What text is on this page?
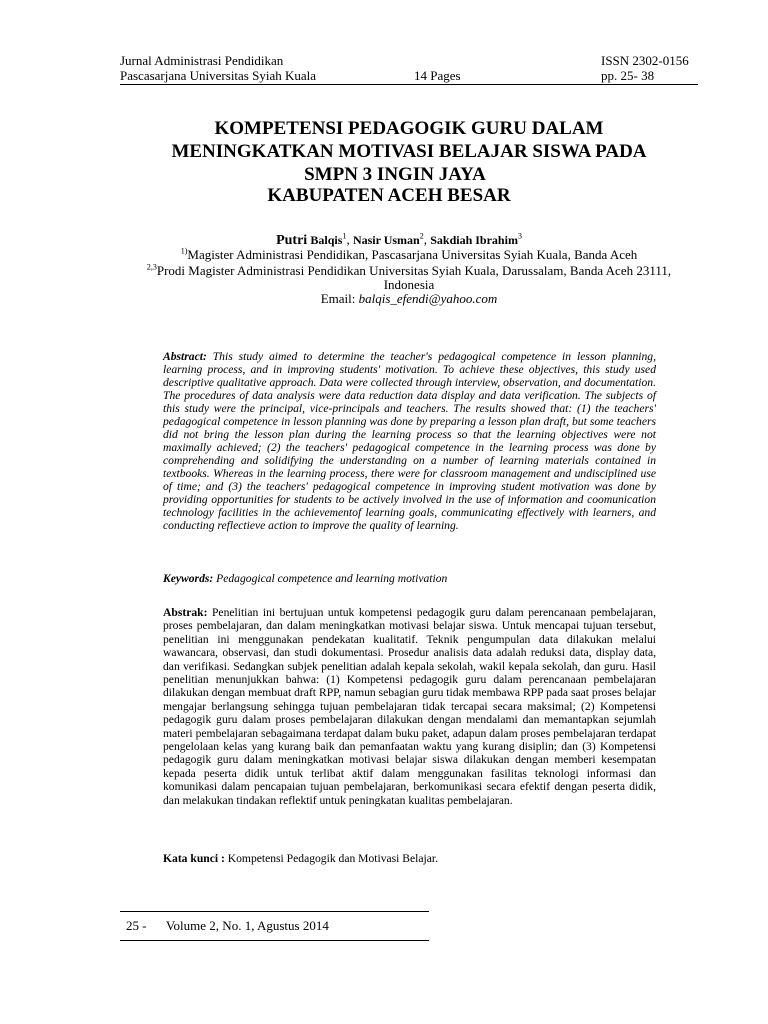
Jurnal Administrasi Pendidikan
Pascasarjana Universitas Syiah Kuala	14 Pages
ISSN 2302-0156
pp. 25- 38
KOMPETENSI PEDAGOGIK GURU DALAM
MENINGKATKAN MOTIVASI BELAJAR SISWA PADA
SMPN 3 INGIN JAYA
KABUPATEN ACEH BESAR
Putri Balqis$^1$, Nasir Usman$^2$, Sakdiah Ibrahim$^3$
$^{1)}$Magister Administrasi Pendidikan, Pascasarjana Universitas Syiah Kuala, Banda Aceh
$^{2,3}$Prodi Magister Administrasi Pendidikan Universitas Syiah Kuala, Darussalam, Banda Aceh 23111,
Indonesia
Email: balqis_efendi@yahoo.com
Abstract: This study aimed to determine the teacher's pedagogical competence in lesson planning, learning process, and in improving students' motivation. To achieve these objectives, this study used descriptive qualitative approach. Data were collected through interview, observation, and documentation. The procedures of data analysis were data reduction data display and data verification. The subjects of this study were the principal, vice-principals and teachers. The results showed that: (1) the teachers' pedagogical competence in lesson planning was done by preparing a lesson plan draft, but some teachers did not bring the lesson plan during the learning process so that the learning objectives were not maximally achieved; (2) the teachers' pedagogical competence in the learning process was done by comprehending and solidifying the understanding on a number of learning materials contained in textbooks. Whereas in the learning process, there were for classroom management and undisciplined use of time; and (3) the teachers' pedagogical competence in improving student motivation was done by providing opportunities for students to be actively involved in the use of information and coomunication technology facilities in the achievementof learning goals, communicating effectively with learners, and conducting reflectieve action to improve the quality of learning.
Keywords: Pedagogical competence and learning motivation
Abstrak: Penelitian ini bertujuan untuk kompetensi pedagogik guru dalam perencanaan pembelajaran, proses pembelajaran, dan dalam meningkatkan motivasi belajar siswa. Untuk mencapai tujuan tersebut, penelitian ini menggunakan pendekatan kualitatif. Teknik pengumpulan data dilakukan melalui wawancara, observasi, dan studi dokumentasi. Prosedur analisis data adalah reduksi data, display data, dan verifikasi. Sedangkan subjek penelitian adalah kepala sekolah, wakil kepala sekolah, dan guru. Hasil penelitian menunjukkan bahwa: (1) Kompetensi pedagogik guru dalam perencanaan pembelajaran dilakukan dengan membuat draft RPP, namun sebagian guru tidak membawa RPP pada saat proses belajar mengajar berlangsung sehingga tujuan pembelajaran tidak tercapai secara maksimal; (2) Kompetensi pedagogik guru dalam proses pembelajaran dilakukan dengan mendalami dan memantapkan sejumlah materi pembelajaran sebagaimana terdapat dalam buku paket, adapun dalam proses pembelajaran terdapat pengelolaan kelas yang kurang baik dan pemanfaatan waktu yang kurang disiplin; dan (3) Kompetensi pedagogik guru dalam meningkatkan motivasi belajar siswa dilakukan dengan memberi kesempatan kepada peserta didik untuk terlibat aktif dalam menggunakan fasilitas teknologi informasi dan komunikasi dalam pencapaian tujuan pembelajaran, berkomunikasi secara efektif dengan peserta didik, dan melakukan tindakan reflektif untuk peningkatan kualitas pembelajaran.
Kata kunci : Kompetensi Pedagogik dan Motivasi Belajar.
25 - Volume 2, No. 1, Agustus 2014
